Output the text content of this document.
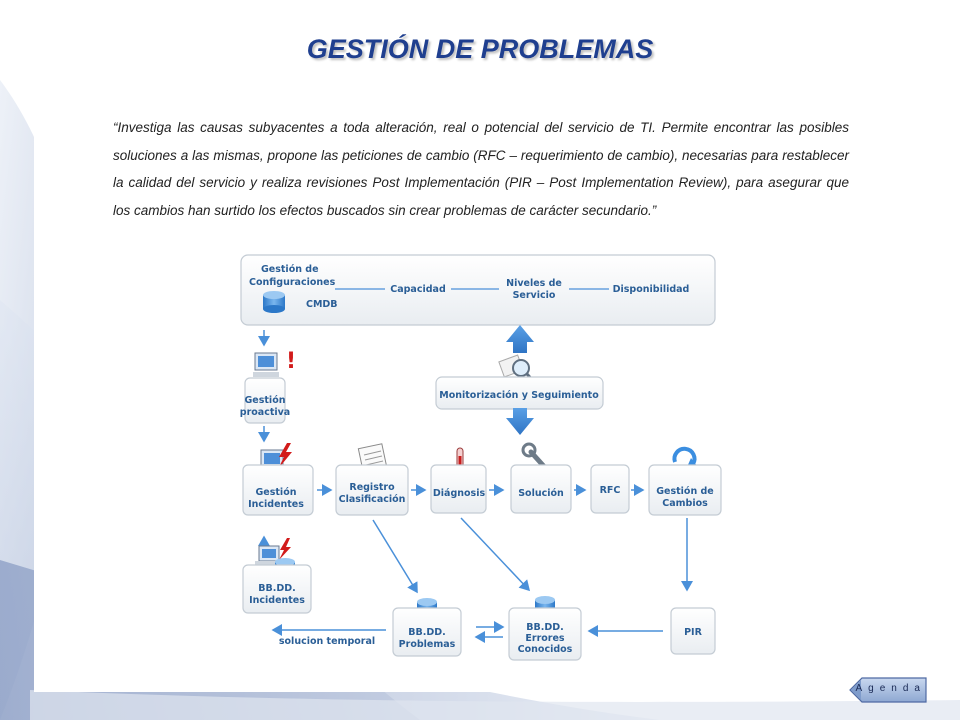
GESTIÓN DE PROBLEMAS
“Investiga las causas subyacentes a toda alteración, real o potencial del servicio de TI. Permite encontrar las posibles soluciones a las mismas, propone las peticiones de cambio (RFC – requerimiento de cambio), necesarias para restablecer la calidad del servicio y realiza revisiones Post Implementación (PIR – Post Implementation Review), para asegurar que los cambios han surtido los efectos buscados sin crear problemas de carácter secundario.”
Gestión de
Configuraciones
CMDB
Capacidad
Niveles de
Servicio
Disponibilidad
Monitorización y Seguimiento
!
Gestión
proactiva
Gestión
Incidentes
Registro
Clasificación
Diágnosis	Solución	RFC	Gestión de
Cambios
BB.DD.
Incidentes
BB.DD.
Problemas
BB.DD.
Errores
Conocidos
PIR
solucion temporal
Agenda
